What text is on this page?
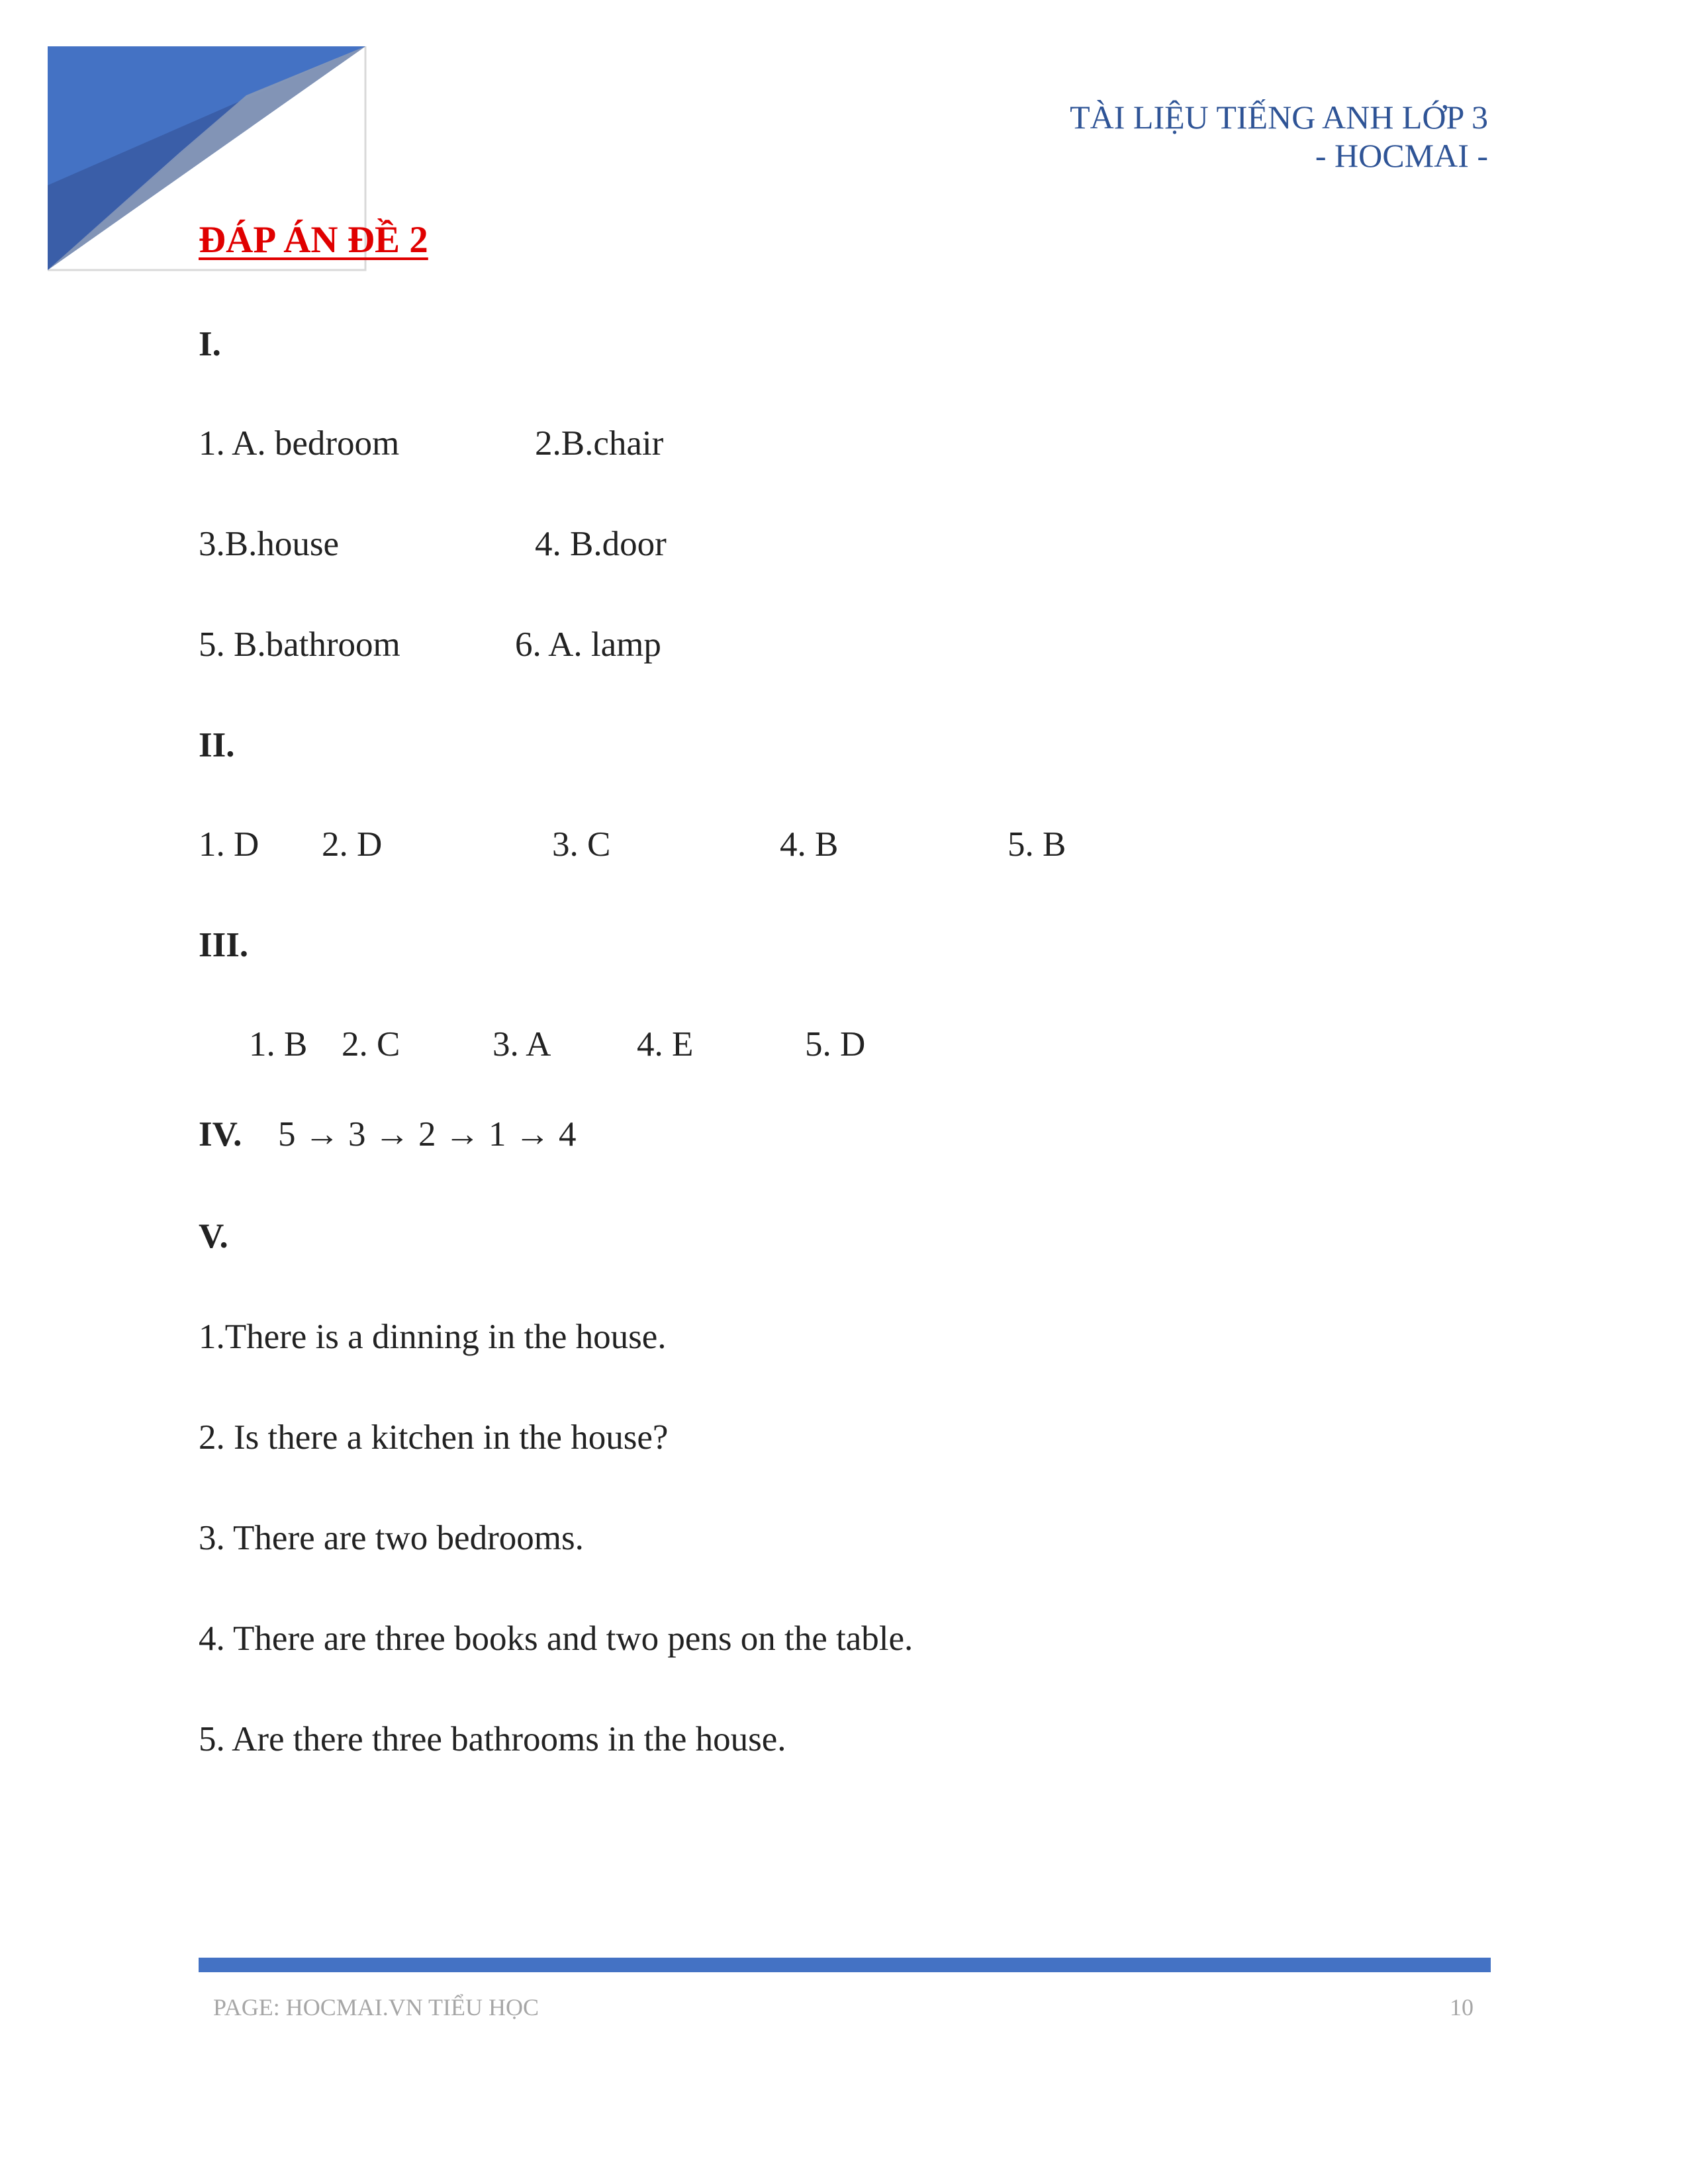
TÀI LIỆU TIẾNG ANH LỚP 3
- HOCMAI -
ĐÁP ÁN ĐỀ 2
I.
1. A. bedroom	2.B.chair
3.B.house	4. B.door
5. B.bathroom	6. A. lamp
II.
1. D 2. D	3. C	4. B	5. B
III.
1. B 2. C	3. A 4. E	5. D
IV. 5 → 3 → 2 → 1 → 4
V.
1.There is a dinning in the house.
2. Is there a kitchen in the house?
3. There are two bedrooms.
4. There are three books and two pens on the table.
5. Are there three bathrooms in the house.
PAGE: HOCMAI.VN TIỂU HỌC	10
